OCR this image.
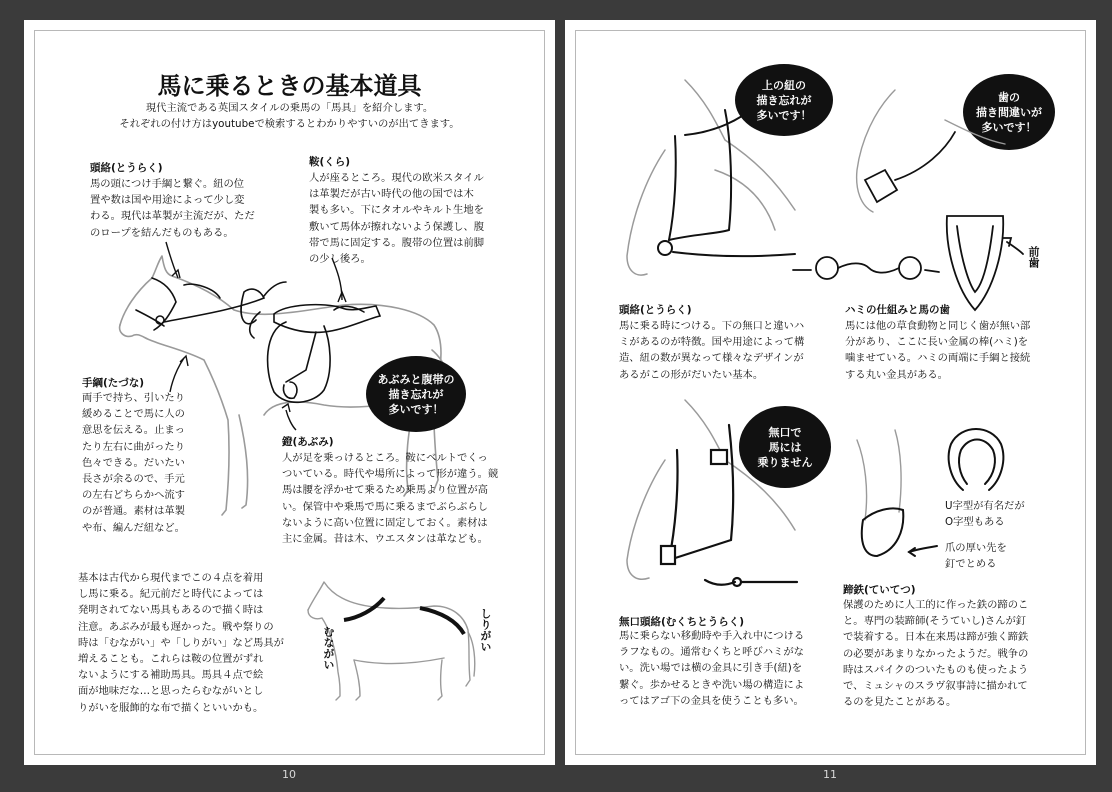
馬に乗るときの基本道具

現代主流である英国スタイルの乗馬の「馬具」を紹介します。

それぞれの付け方はyoutubeで検索するとわかりやすいのが出てきます。

頭絡(とうらく)

馬の頭につけ手綱と繋ぐ。紐の位

置や数は国や用途によって少し変

わる。現代は革製が主流だが、ただ

のロープを結んだものもある。

鞍(くら)

人が座るところ。現代の欧米スタイル

は革製だが古い時代の他の国では木

製も多い。下にタオルやキルト生地を

敷いて馬体が擦れないよう保護し、腹

帯で馬に固定する。腹帯の位置は前脚

の少し後ろ。

あぶみと腹帯の
描き忘れが
多いです！
手綱(たづな)

両手で持ち、引いたり

緩めることで馬に人の

意思を伝える。止まっ

たり左右に曲がったり

色々できる。だいたい

長さが余るので、手元

の左右どちらかへ流す

のが普通。素材は革製

や布、編んだ紐など。

鐙(あぶみ)

人が足を乗っけるところ。鞍にベルトでくっ

ついている。時代や場所によって形が違う。競

馬は腰を浮かせて乗るため乗馬より位置が高

い。保管中や乗馬で馬に乗るまでぶらぶらし

ないように高い位置に固定しておく。素材は

主に金属。昔は木、ウエスタンは革なども。

基本は古代から現代までこの４点を着用

し馬に乗る。紀元前だと時代によっては

発明されてない馬具もあるので描く時は

注意。あぶみが最も遅かった。戦や祭りの

時は「むながい」や「しりがい」など馬具が

増えることも。これらは鞍の位置がずれ

ないようにする補助馬具。馬具４点で絵

面が地味だな…と思ったらむながいとし

りがいを服飾的な布で描くといいかも。

むながい	しりがい
10
上の紐の
描き忘れが
多いです！
歯の
描き間違いが
多いです！
前歯
頭絡(とうらく)

馬に乗る時につける。下の無口と違いハ

ミがあるのが特徴。国や用途によって構

造、紐の数が異なって様々なデザインが

あるがこの形がだいたい基本。

ハミの仕組みと馬の歯

馬には他の草食動物と同じく歯が無い部

分があり、ここに長い金属の棒(ハミ)を

噛ませている。ハミの両端に手綱と接続

する丸い金具がある。

無口で
馬には
乗りません

U字型が有名だが

O字型もある

爪の厚い先を

釘でとめる

無口頭絡(むくちとうらく)

馬に乗らない移動時や手入れ中につける

ラフなもの。通常むくちと呼びハミがな

い。洗い場では横の金具に引き手(紐)を

繋ぐ。歩かせるときや洗い場の構造によ

ってはアゴ下の金具を使うことも多い。

蹄鉄(ていてつ)

保護のために人工的に作った鉄の蹄のこ

と。専門の装蹄師(そうていし)さんが釘

で装着する。日本在来馬は蹄が強く蹄鉄

の必要があまりなかったようだ。戦争の

時はスパイクのついたものも使ったよう

で、ミュシャのスラヴ叙事詩に描かれて

るのを見たことがある。

11
